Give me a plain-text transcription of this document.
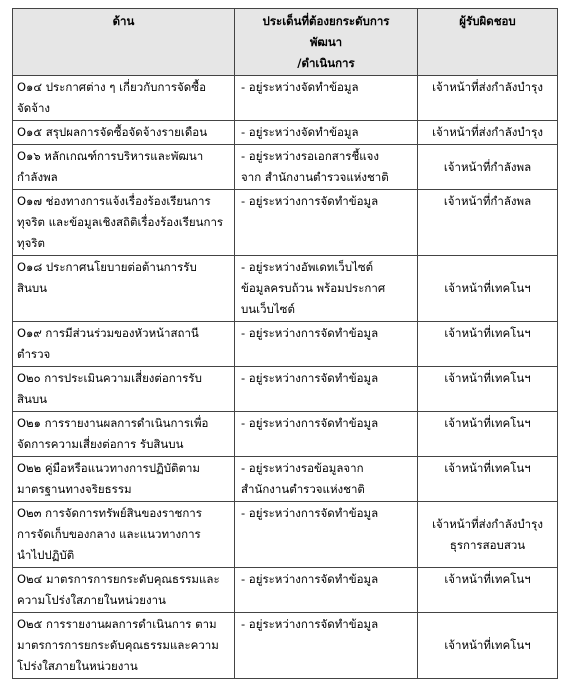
ด้าน	ประเด็นที่ต้องยกระดับการ
พัฒนา
/ดำเนินการ	ผู้รับผิดชอบ

O๑๔ ประกาศต่าง ๆ เกี่ยวกับการจัดซื้อ
จัดจ้าง	- อยู่ระหว่างจัดทำข้อมูล	เจ้าหน้าที่ส่งกำลังบำรุง

O๑๕ สรุปผลการจัดซื้อจัดจ้างรายเดือน	- อยู่ระหว่างจัดทำข้อมูล	เจ้าหน้าที่ส่งกำลังบำรุง

O๑๖ หลักเกณฑ์การบริหารและพัฒนา
กำลังพล	- อยู่ระหว่างรอเอกสารชี้แจง
จาก สำนักงานตำรวจแห่งชาติ	เจ้าหน้าที่กำลังพล

O๑๗ ช่องทางการแจ้งเรื่องร้องเรียนการ
ทุจริต และข้อมูลเชิงสถิติเรื่องร้องเรียนการ
ทุจริต	- อยู่ระหว่างการจัดทำข้อมูล	เจ้าหน้าที่กำลังพล

O๑๘ ประกาศนโยบายต่อต้านการรับ
สินบน	- อยู่ระหว่างอัพเดทเว็บไซต์
ข้อมูลครบถ้วน พร้อมประกาศ
บนเว็บไซต์	เจ้าหน้าที่เทคโนฯ

O๑๙ การมีส่วนร่วมของหัวหน้าสถานี
ตำรวจ	- อยู่ระหว่างการจัดทำข้อมูล	เจ้าหน้าที่เทคโนฯ

O๒๐ การประเมินความเสี่ยงต่อการรับ
สินบน	- อยู่ระหว่างการจัดทำข้อมูล	เจ้าหน้าที่เทคโนฯ

O๒๑ การรายงานผลการดำเนินการเพื่อ
จัดการความเสี่ยงต่อการ รับสินบน	- อยู่ระหว่างการจัดทำข้อมูล	เจ้าหน้าที่เทคโนฯ

O๒๒ คู่มือหรือแนวทางการปฏิบัติตาม
มาตรฐานทางจริยธรรม	- อยู่ระหว่างรอข้อมูลจาก
สำนักงานตำรวจแห่งชาติ	เจ้าหน้าที่เทคโนฯ

O๒๓ การจัดการทรัพย์สินของราชการ
การจัดเก็บของกลาง และแนวทางการ
นำไปปฏิบัติ	- อยู่ระหว่างการจัดทำข้อมูล	เจ้าหน้าที่ส่งกำลังบำรุง
ธุรการสอบสวน

O๒๔ มาตรการการยกระดับคุณธรรมและ
ความโปร่งใสภายในหน่วยงาน	- อยู่ระหว่างการจัดทำข้อมูล	เจ้าหน้าที่เทคโนฯ

O๒๕ การรายงานผลการดำเนินการ ตาม
มาตรการการยกระดับคุณธรรมและความ
โปร่งใสภายในหน่วยงาน	- อยู่ระหว่างการจัดทำข้อมูล	เจ้าหน้าที่เทคโนฯ
